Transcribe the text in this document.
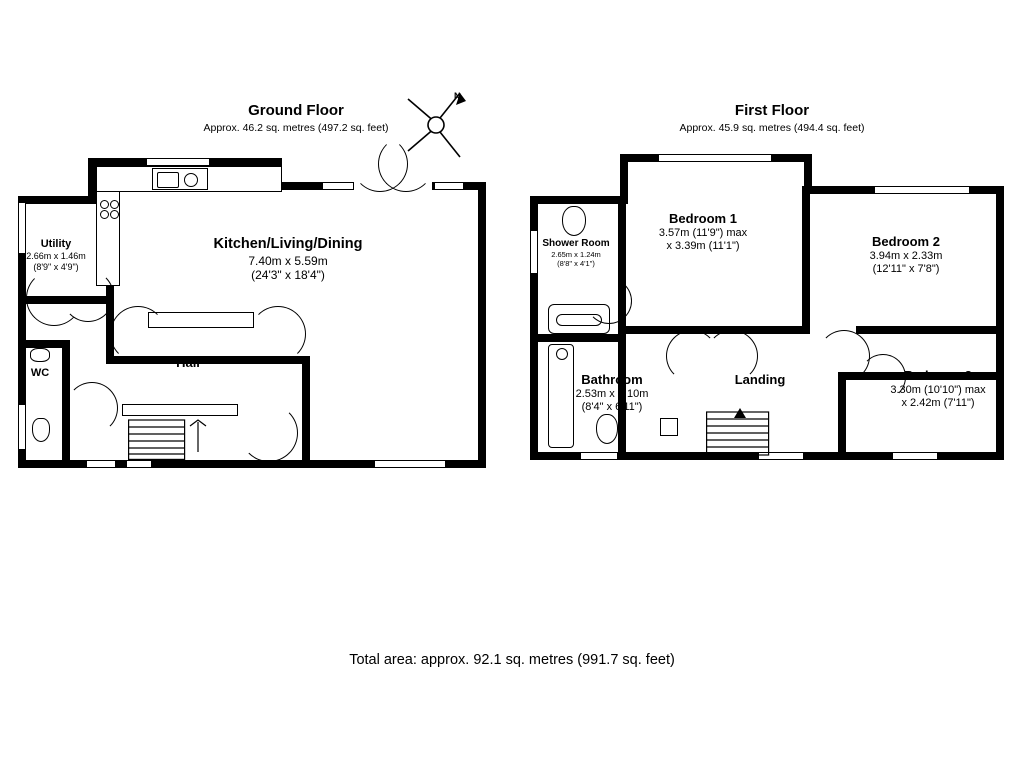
Ground Floor
Approx. 46.2 sq. metres (497.2 sq. feet)
N
Kitchen/Living/Dining
7.40m x 5.59m
(24'3" x 18'4")
Utility
2.66m x 1.46m
(8'9" x 4'9")
WC
Hall
First Floor
Approx. 45.9 sq. metres (494.4 sq. feet)
Bedroom 1
3.57m (11'9") max
x 3.39m (11'1")	Bedroom 2
3.94m x 2.33m
(12'11" x 7'8")
Bedroom 3
3.30m (10'10") max
x 2.42m (7'11")
Shower Room
2.65m x 1.24m
(8'8" x 4'1")
Bathroom
2.53m x 2.10m
(8'4" x 6'11")
Landing
Total area: approx. 92.1 sq. metres (991.7 sq. feet)
